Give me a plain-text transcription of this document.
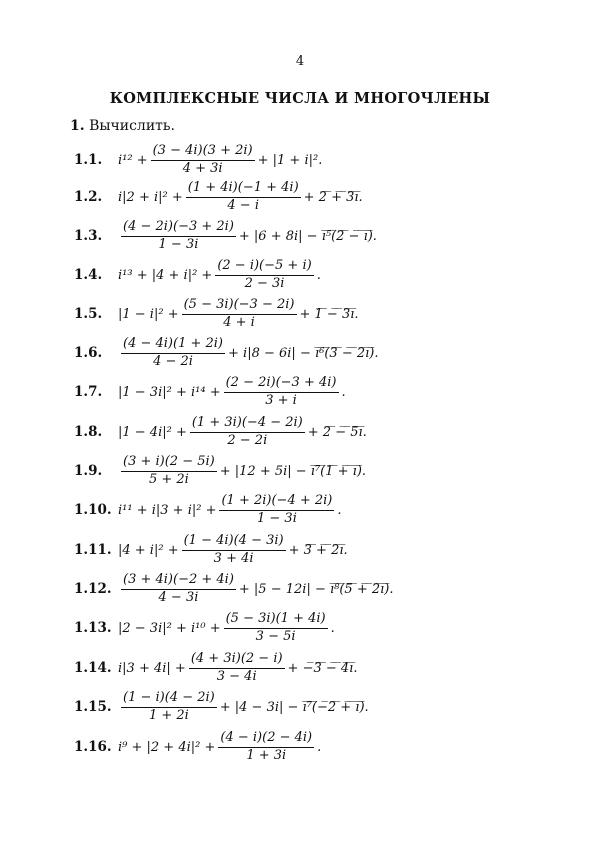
4
КОМПЛЕКСНЫЕ ЧИСЛА И МНОГОЧЛЕНЫ
1. Вычислить.
1.1. $i^{12} + \frac{(3 - 4i)(3 + 2i)}{4 + 3i} + |1 + i|^2$.
1.2. $i|2 + i|^2 + \frac{(1 + 4i)(-1 + 4i)}{4 - i}$ + 2̅ ̅+̅ ̅3̅i̅.
1.3. $\frac{(4 - 2i)(-3 + 2i)}{1 - 3i} + |6 + 8i|$ − i̅⁵̅(̅2̅ ̅−̅ ̅i̅)̅.
1.4. $i^{13} + |4 + i|^2 + \frac{(2 - i)(-5 + i)}{2 - 3i}$ .
1.5. $|1 - i|^2 + \frac{(5 - 3i)(-3 - 2i)}{4 + i}$ + 1̅ ̅−̅ ̅3̅i̅.
1.6. $\frac{(4 - 4i)(1 + 2i)}{4 - 2i} + i|8 - 6i|$ − i̅⁶̅(̅3̅ ̅−̅ ̅2̅i̅)̅.
1.7. $|1 - 3i|^2 + i^{14} + \frac{(2 - 2i)(-3 + 4i)}{3 + i}$ .
1.8. $|1 - 4i|^2 + \frac{(1 + 3i)(-4 - 2i)}{2 - 2i}$ + 2̅ ̅−̅ ̅5̅i̅.
1.9. $\frac{(3 + i)(2 - 5i)}{5 + 2i} + |12 + 5i|$ − i̅⁷̅(̅1̅ ̅+̅ ̅i̅)̅.
1.10. $i^{11} + i|3 + i|^2 + \frac{(1 + 2i)(-4 + 2i)}{1 - 3i}$ .
1.11. $|4 + i|^2 + \frac{(1 - 4i)(4 - 3i)}{3 + 4i}$ + 3̅ ̅+̅ ̅2̅i̅.
1.12. $\frac{(3 + 4i)(-2 + 4i)}{4 - 3i} + |5 - 12i|$ − i̅⁸̅(̅5̅ ̅+̅ ̅2̅i̅)̅.
1.13. $|2 - 3i|^2 + i^{10} + \frac{(5 - 3i)(1 + 4i)}{3 - 5i}$ .
1.14. $i|3 + 4i| + \frac{(4 + 3i)(2 - i)}{3 - 4i}$ + −̅3̅ ̅−̅ ̅4̅i̅.
1.15. $\frac{(1 - i)(4 - 2i)}{1 + 2i} + |4 - 3i|$ − i̅⁷̅(̅−̅2̅ ̅+̅ ̅i̅)̅.
1.16. $i^9 + |2 + 4i|^2 + \frac{(4 - i)(2 - 4i)}{1 + 3i}$ .
